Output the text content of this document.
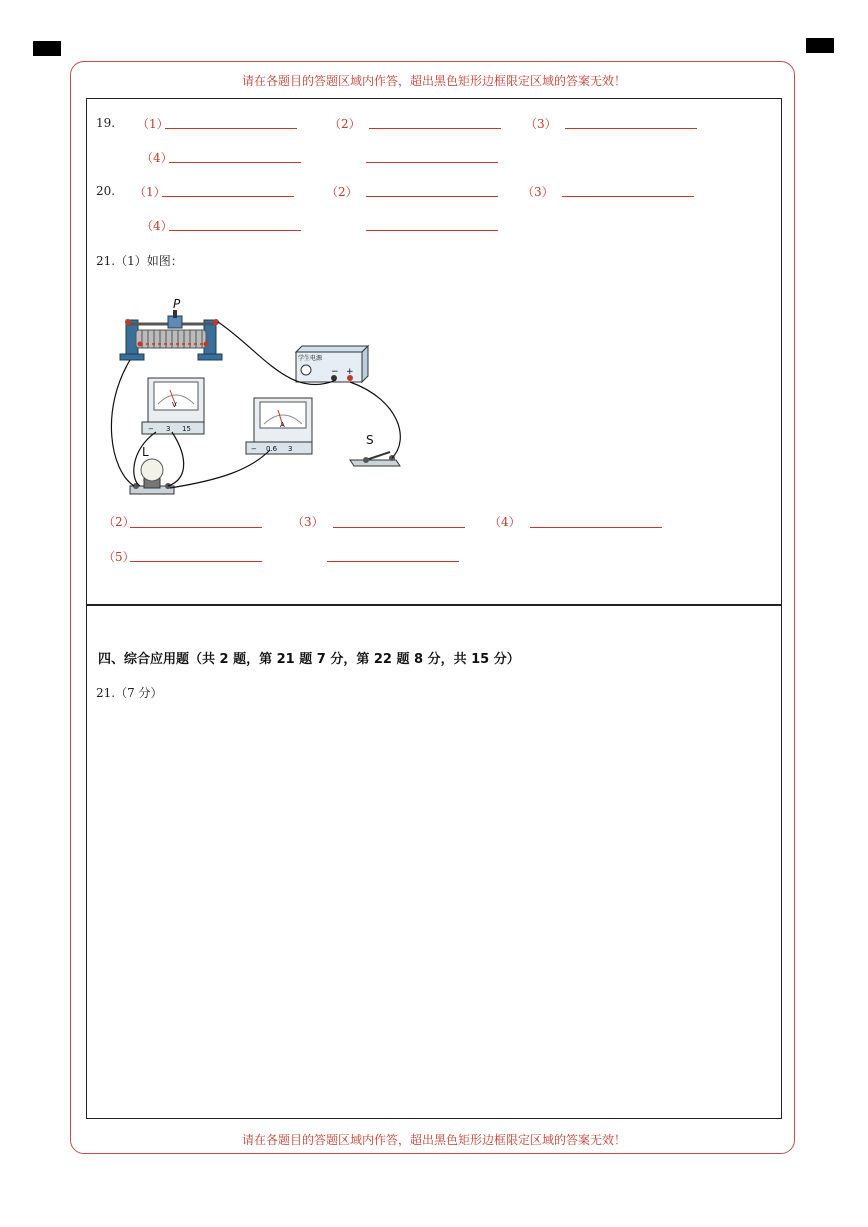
请在各题目的答题区域内作答，超出黑色矩形边框限定区域的答案无效！
请在各题目的答题区域内作答，超出黑色矩形边框限定区域的答案无效！
19. （1）	（2）	（3）
（4）
20. （1）	（2）	（3）
（4）
21.（1）如图：
P
V
− 3 15	A
− 0.6 3
学生电源
− +
S
L
（2）	（3）	（4）
（5）
四、综合应用题（共 2 题，第 21 题 7 分，第 22 题 8 分，共 15 分）
21.（7 分）
